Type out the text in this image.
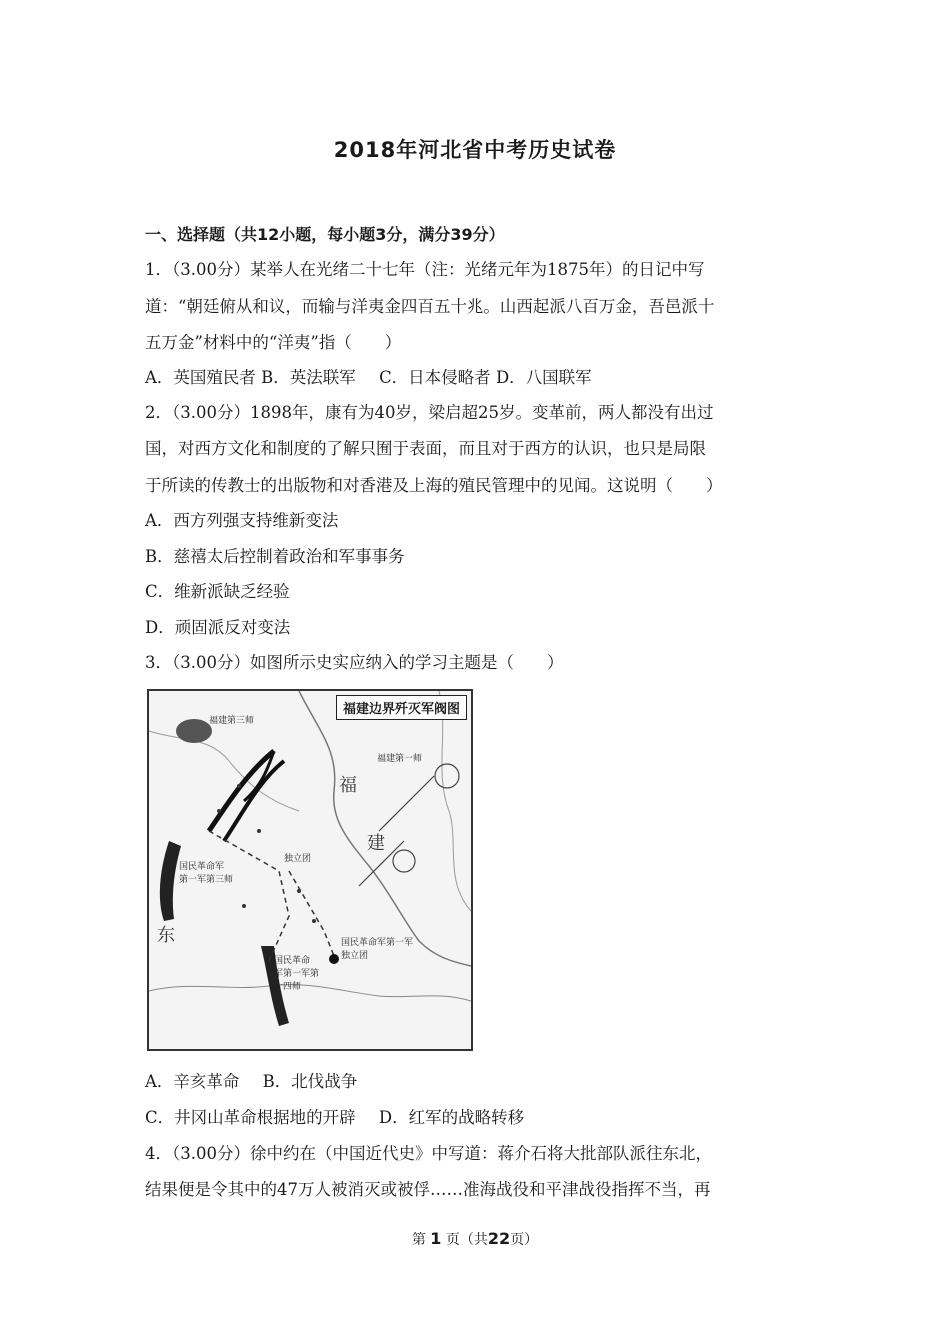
2018年河北省中考历史试卷
一、选择题（共12小题，每小题3分，满分39分）
1．（3.00分）某举人在光绪二十七年（注：光绪元年为1875年）的日记中写
道：“朝廷俯从和议，而输与洋夷金四百五十兆。山西起派八百万金，吾邑派十
五万金”材料中的“洋夷”指（　　）
A．英国殖民者 B．英法联军 C．日本侵略者 D．八国联军
2．（3.00分）1898年，康有为40岁，梁启超25岁。变革前，两人都没有出过
国，对西方文化和制度的了解只囿于表面，而且对于西方的认识，也只是局限
于所读的传教士的出版物和对香港及上海的殖民管理中的见闻。这说明（　　）
A．西方列强支持维新变法
B．慈禧太后控制着政治和军事事务
C．维新派缺乏经验
D．顽固派反对变法
3．（3.00分）如图所示史实应纳入的学习主题是（　　）
福建边界歼灭军阀图
福建第三师
福建第一师
国民革命军
第一军第三师
独立团
国民革命军第一军
独立团
国民革命
军第一军第
十四师
福
建
东
A．辛亥革命 B．北伐战争
C．井冈山革命根据地的开辟 D．红军的战略转移
4．（3.00分）徐中约在（中国近代史》中写道：蒋介石将大批部队派往东北，
结果便是令其中的47万人被消灭或被俘……准海战役和平津战役指挥不当，再
第 1 页（共22页）
